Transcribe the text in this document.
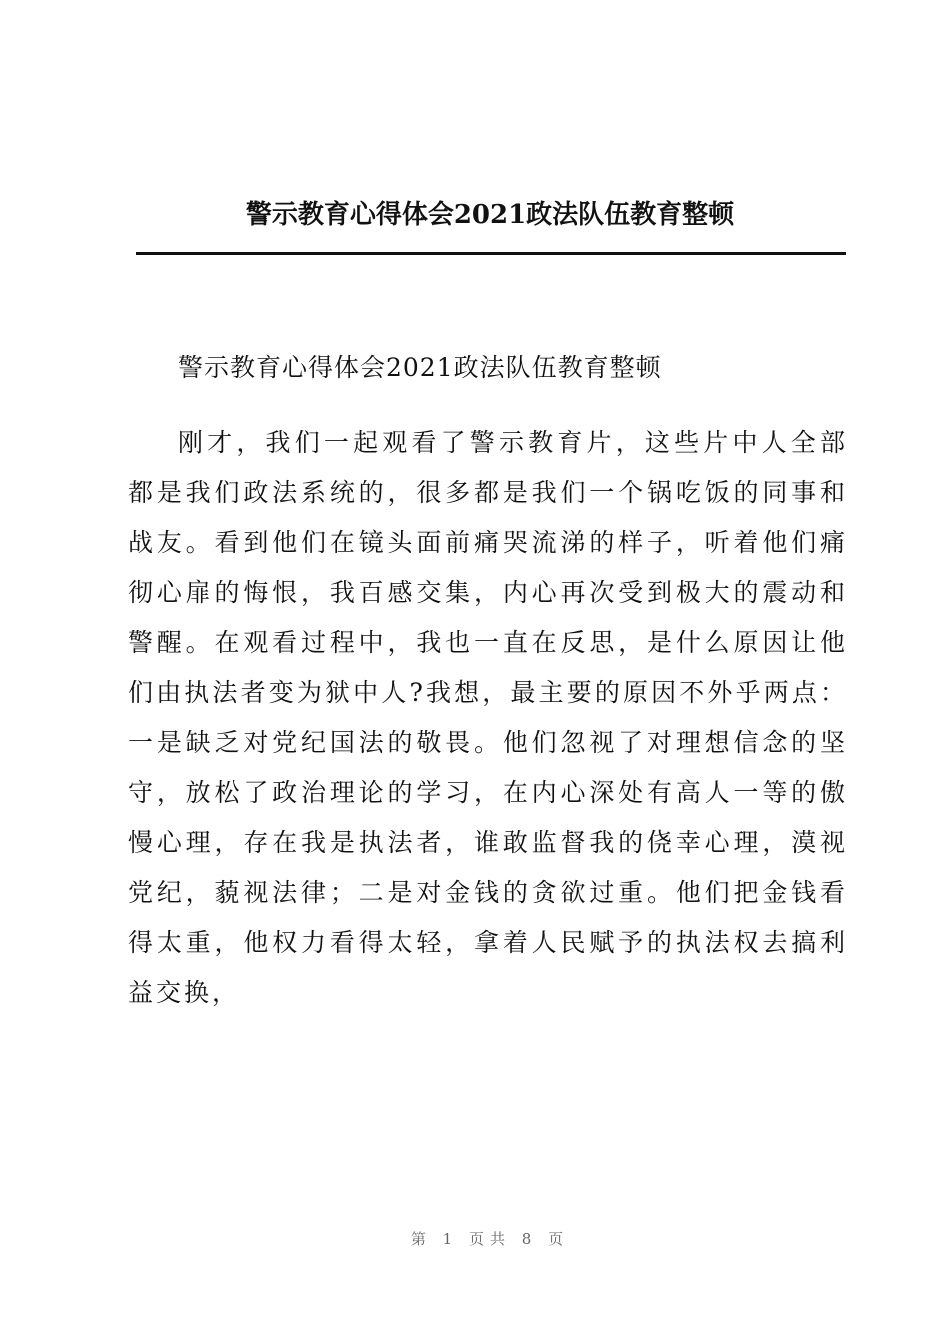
警示教育心得体会2021政法队伍教育整顿

警示教育心得体会2021政法队伍教育整顿

刚才，我们一起观看了警示教育片，这些片中人全部都是我们政法系统的，很多都是我们一个锅吃饭的同事和战友。看到他们在镜头面前痛哭流涕的样子，听着他们痛彻心扉的悔恨，我百感交集，内心再次受到极大的震动和警醒。在观看过程中，我也一直在反思，是什么原因让他们由执法者变为狱中人?我想，最主要的原因不外乎两点：一是缺乏对党纪国法的敬畏。他们忽视了对理想信念的坚守，放松了政治理论的学习，在内心深处有高人一等的傲慢心理，存在我是执法者，谁敢监督我的侥幸心理，漠视党纪，藐视法律；二是对金钱的贪欲过重。他们把金钱看得太重，他权力看得太轻，拿着人民赋予的执法权去搞利益交换，

第 1 页共 8 页
